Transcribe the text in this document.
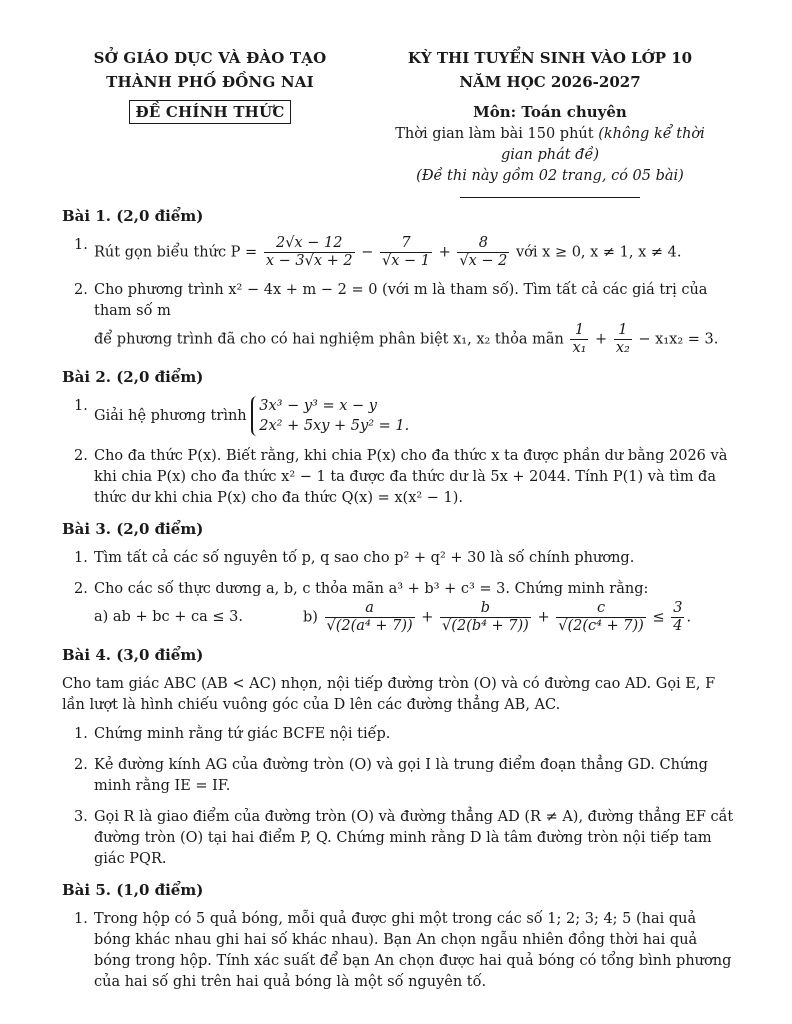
SỞ GIÁO DỤC VÀ ĐÀO TẠO
THÀNH PHỐ ĐỒNG NAI
ĐỀ CHÍNH THỨC
KỲ THI TUYỂN SINH VÀO LỚP 10
NĂM HỌC 2026-2027
Môn: Toán chuyên
Thời gian làm bài 150 phút (không kể thời gian phát đề)
(Đề thi này gồm 02 trang, có 05 bài)
Bài 1. (2,0 điểm)
1. Rút gọn biểu thức $P = \frac{2√x - 12}{x - 3√x + 2} - \frac{7}{√x - 1} + \frac{8}{√x - 2}$ với x ≥ 0, x ≠ 1, x ≠ 4.
2. Cho phương trình x² − 4x + m − 2 = 0 (với m là tham số). Tìm tất cả các giá trị của tham số m
để phương trình đã cho có hai nghiệm phân biệt x₁, x₂ thỏa mãn $\frac{1}{\text{x₁}} + \frac{1}{\text{x₂}} - x_1x_2 = 3$.
Bài 2. (2,0 điểm)
1.
Giải hệ phương trình
3x³ − y³ = x − y
2x² + 5xy + 5y² = 1.
2. Cho đa thức P(x). Biết rằng, khi chia P(x) cho đa thức x ta được phần dư bằng 2026 và khi chia P(x) cho đa thức x² − 1 ta được đa thức dư là 5x + 2044. Tính P(1) và tìm đa thức dư khi chia P(x) cho đa thức Q(x) = x(x² − 1).
Bài 3. (2,0 điểm)
1. Tìm tất cả các số nguyên tố p, q sao cho p² + q² + 30 là số chính phương.
2. Cho các số thực dương a, b, c thỏa mãn a³ + b³ + c³ = 3. Chứng minh rằng:
a) ab + bc + ca ≤ 3.	$b) \frac{a}{\text{√(2(a⁴ + 7))}} + \frac{b}{\text{√(2(b⁴ + 7))}} + \frac{c}{\text{√(2(c⁴ + 7))}} \le \frac{3}{4}$ .
Bài 4. (3,0 điểm)
Cho tam giác ABC (AB < AC) nhọn, nội tiếp đường tròn (O) và có đường cao AD. Gọi E, F lần lượt là hình chiếu vuông góc của D lên các đường thẳng AB, AC.
1. Chứng minh rằng tứ giác BCFE nội tiếp.
2. Kẻ đường kính AG của đường tròn (O) và gọi I là trung điểm đoạn thẳng GD. Chứng minh rằng IE = IF.
3. Gọi R là giao điểm của đường tròn (O) và đường thẳng AD (R ≠ A), đường thẳng EF cắt đường tròn (O) tại hai điểm P, Q. Chứng minh rằng D là tâm đường tròn nội tiếp tam giác PQR.
Bài 5. (1,0 điểm)
1. Trong hộp có 5 quả bóng, mỗi quả được ghi một trong các số 1; 2; 3; 4; 5 (hai quả bóng khác nhau ghi hai số khác nhau). Bạn An chọn ngẫu nhiên đồng thời hai quả bóng trong hộp. Tính xác suất để bạn An chọn được hai quả bóng có tổng bình phương của hai số ghi trên hai quả bóng là một số nguyên tố.
